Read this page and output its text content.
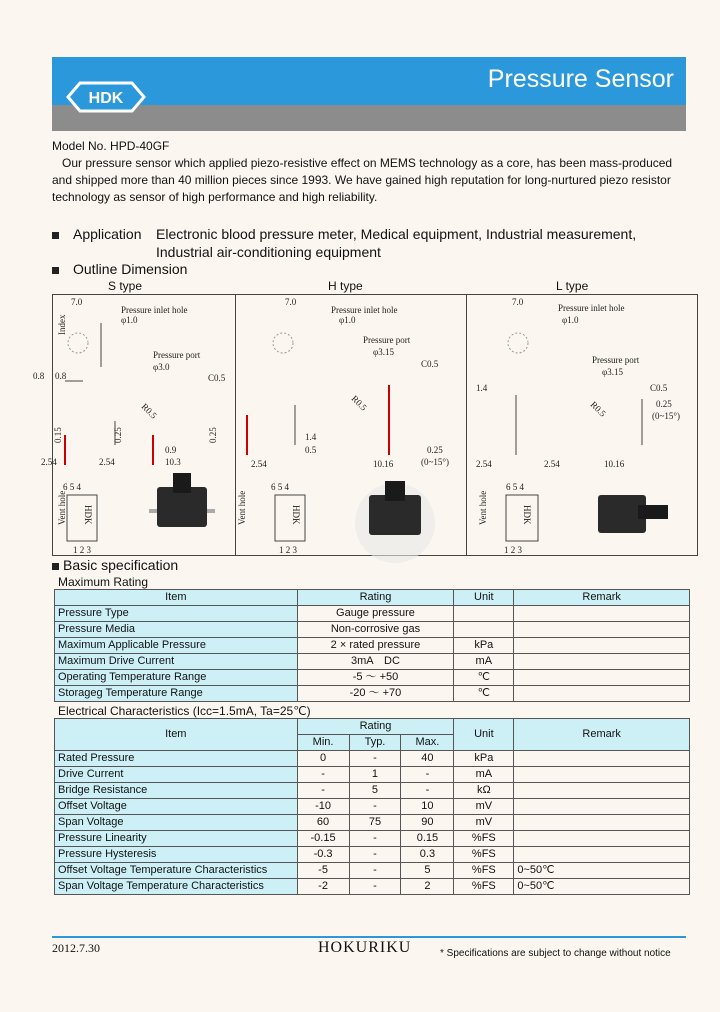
HDK
Pressure Sensor
Model No. HPD-40GF
Our pressure sensor which applied piezo-resistive effect on MEMS technology as a core, has been mass-produced and shipped more than 40 million pieces since 1993. We have gained high reputation for long-nurtured piezo resistor technology as sensor of high performance and high reliability.
Application Electronic blood pressure meter, Medical equipment, Industrial measurement,
Industrial air-conditioning equipment
Outline Dimension
S type	H type	L type
7.0
Pressure inlet hole
φ1.0
Index
Pressure port
φ3.0
C0.5
0.8 0.8
R0.5
0.15	0.25	0.25
0.9
10.3
2.54	2.54
Vent hole
6 5 4
HDK
1 2 3
7.0
Pressure inlet hole
φ1.0
Pressure port
φ3.15
C0.5
R0.5
1.4
0.5	0.25
(0~15°)
2.54	10.16
Vent hole
6 5 4
HDK
1 2 3
7.0
Pressure inlet hole
φ1.0
Pressure port
φ3.15
C0.5
1.4
R0.5	0.25
(0~15°)
2.54	2.54	10.16
Vent hole
6 5 4
HDK
1 2 3
Basic specification
Maximum Rating
Item	Rating	Unit	Remark
Pressure Type	Gauge pressure		
Pressure Media	Non-corrosive gas		
Maximum Applicable Pressure	2 × rated pressure	kPa	
Maximum Drive Current	3mA　DC	mA	
Operating Temperature Range	-5 ～ +50	℃	
Storageg Temperature Range	-20 ～ +70	℃	
Electrical Characteristics (Icc=1.5mA, Ta=25℃)
Item	Rating			Unit	Remark
	Min.	Typ.	Max.		
Rated Pressure	0	-	40	kPa	
Drive Current	-	1	-	mA	
Bridge Resistance	-	5	-	kΩ	
Offset Voltage	-10	-	10	mV	
Span Voltage	60	75	90	mV	
Pressure Linearity	-0.15	-	0.15	%FS	
Pressure Hysteresis	-0.3	-	0.3	%FS	
Offset Voltage Temperature Characteristics	-5	-	5	%FS	0~50℃
Span Voltage Temperature Characteristics	-2	-	2	%FS	0~50℃
2012.7.30	HOKURIKU	* Specifications are subject to change without notice
